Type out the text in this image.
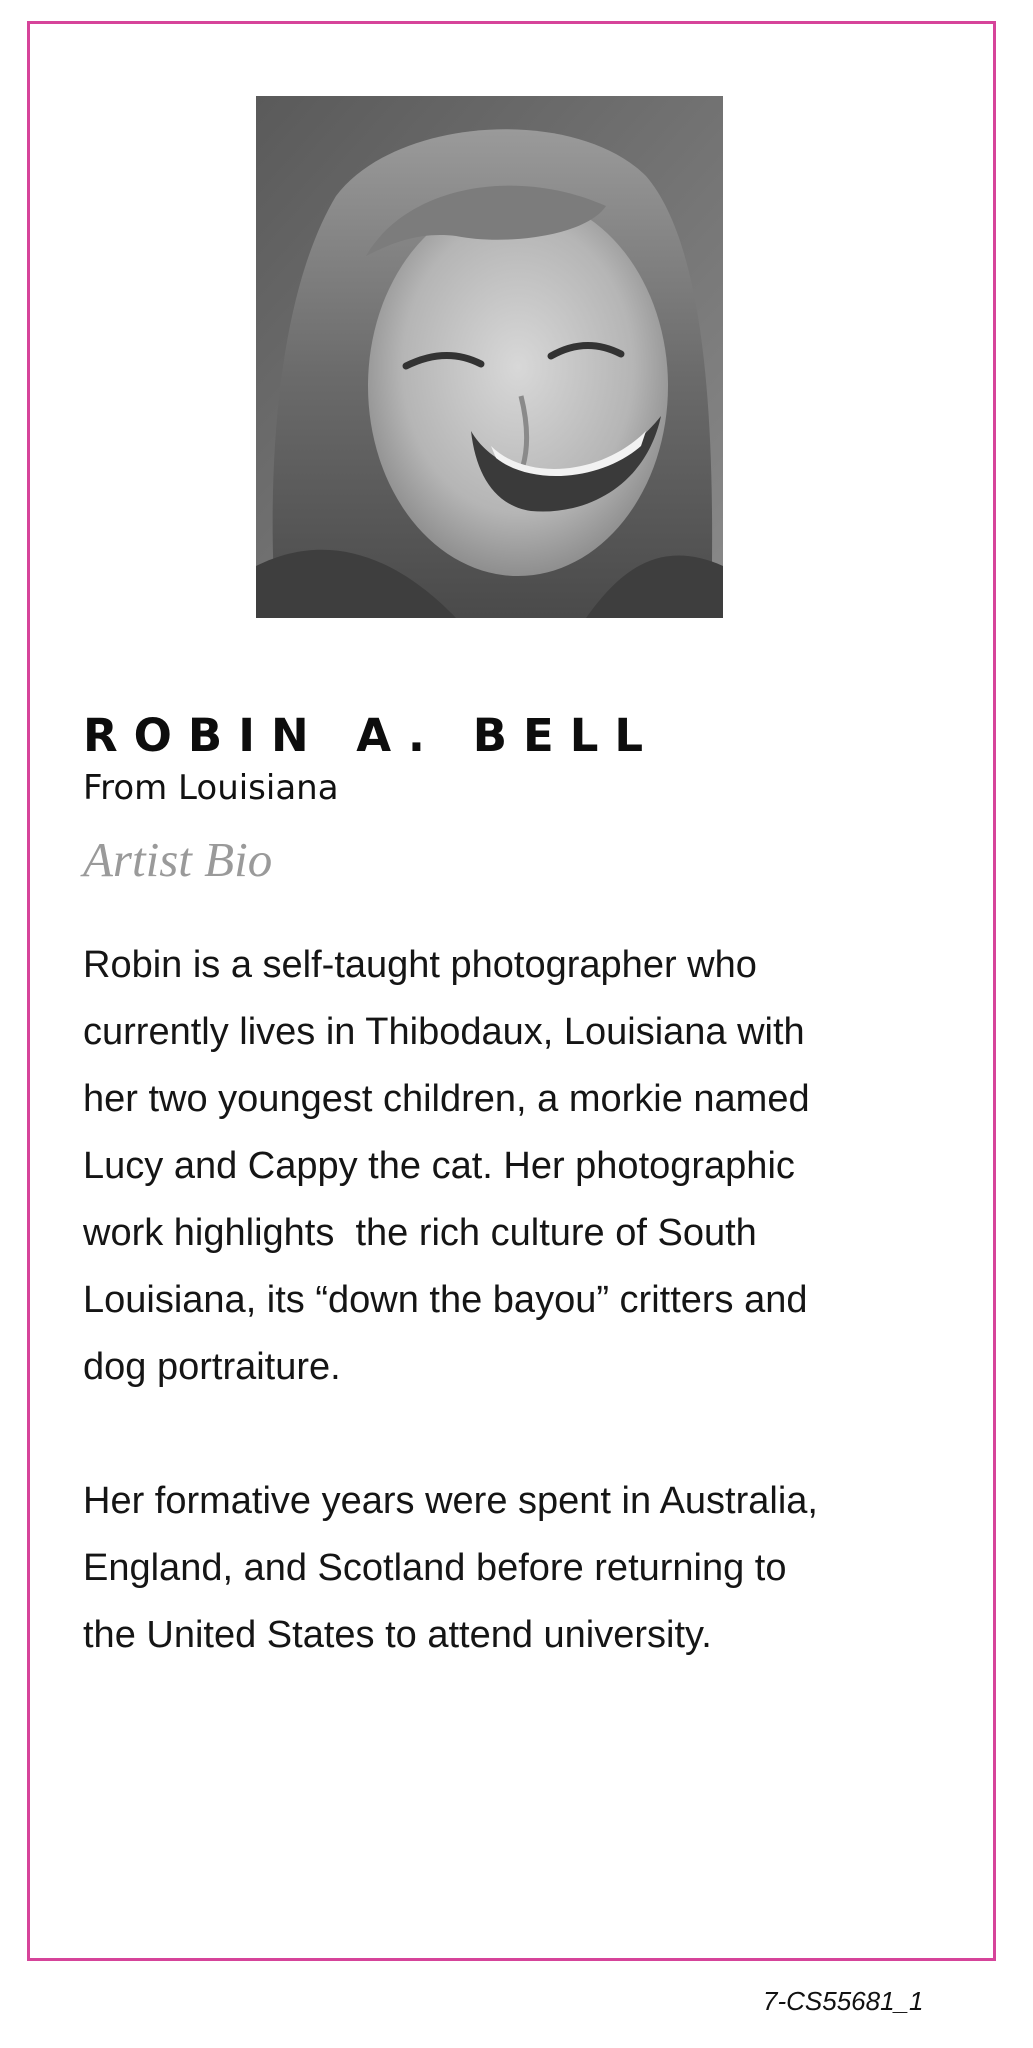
ROBIN A. BELL
From Louisiana
Artist Bio

Robin is a self-taught photographer who
currently lives in Thibodaux, Louisiana with
her two youngest children, a morkie named
Lucy and Cappy the cat. Her photographic
work highlights  the rich culture of South
Louisiana, its “down the bayou” critters and
dog portraiture.

Her formative years were spent in Australia,
England, and Scotland before returning to
the United States to attend university.

7-CS55681_1
